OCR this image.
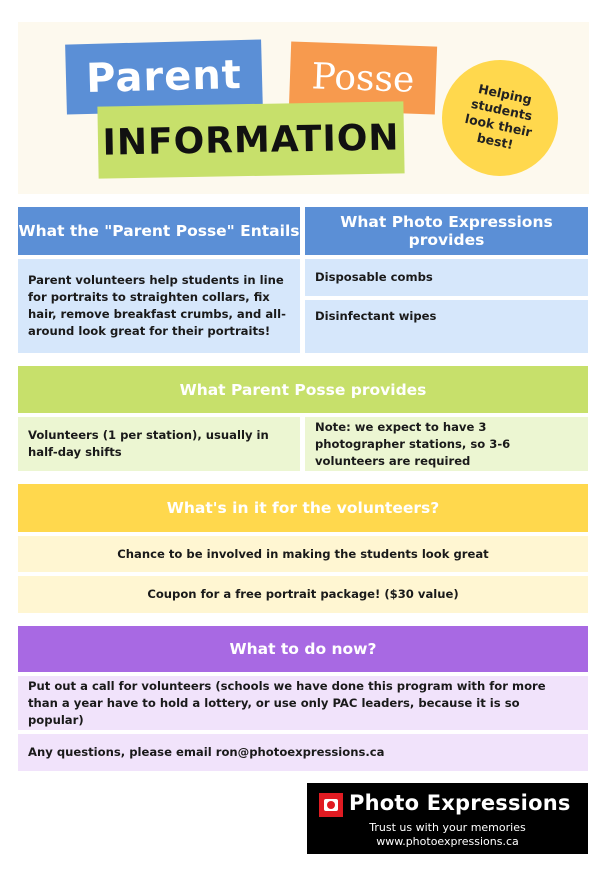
Parent	Posse
INFORMATION
Helping students look their best!
What the "Parent Posse" Entails	What Photo Expressions provides
Parent volunteers help students in line for portraits to straighten collars, fix hair, remove breakfast crumbs, and all-around look great for their portraits!
Disposable combs
Disinfectant wipes
What Parent Posse provides
Volunteers (1 per station), usually in half-day shifts
Note: we expect to have 3 photographer stations, so 3-6 volunteers are required
What's in it for the volunteers?
Chance to be involved in making the students look great
Coupon for a free portrait package! ($30 value)
What to do now?
Put out a call for volunteers (schools we have done this program with for more than a year have to hold a lottery, or use only PAC leaders, because it is so popular)
Any questions, please email ron@photoexpressions.ca
Photo Expressions
Trust us with your memories
www.photoexpressions.ca
